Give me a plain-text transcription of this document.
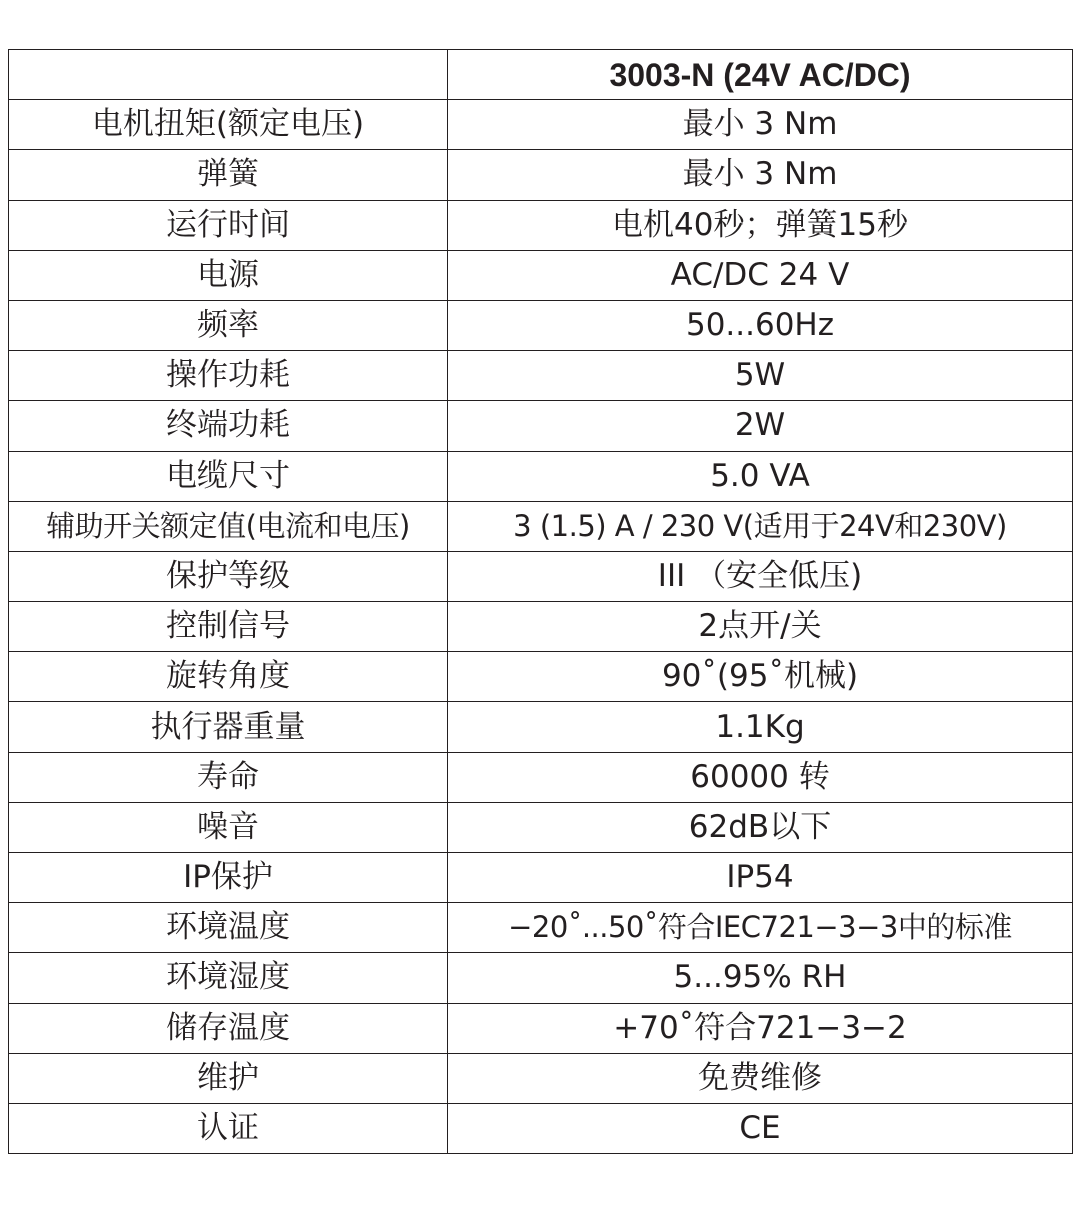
	3003-N (24V AC/DC)
电机扭矩(额定电压)	最小 3 Nm
弹簧	最小 3 Nm
运行时间	电机40秒；弹簧15秒
电源	AC/DC 24 V
频率	50...60Hz
操作功耗	5W
终端功耗	2W
电缆尺寸	5.0 VA
辅助开关额定值(电流和电压)	3 (1.5) A / 230 V(适用于24V和230V)
保护等级	III （安全低压)
控制信号	2点开/关
旋转角度	90˚(95˚机械)
执行器重量	1.1Kg
寿命	60000 转
噪音	62dB以下
IP保护	IP54
环境温度	−20˚...50˚符合IEC721−3−3中的标准
环境湿度	5...95% RH
储存温度	+70˚符合721−3−2
维护	免费维修
认证	CE
